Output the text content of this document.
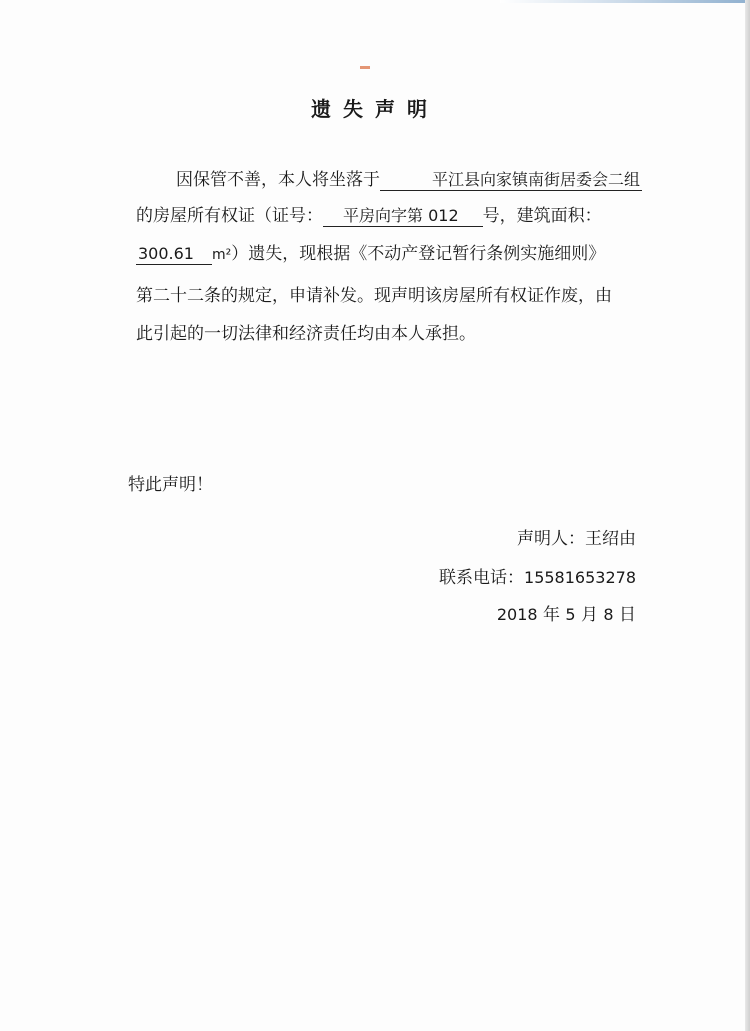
遗失声明
因保管不善，本人将坐落于	平江县向家镇南街居委会二组
的房屋所有权证（证号： 平房向字第 012 号，建筑面积：
300.61 m²）遗失，现根据《不动产登记暂行条例实施细则》
第二十二条的规定，申请补发。现声明该房屋所有权证作废，由
此引起的一切法律和经济责任均由本人承担。
特此声明！
声明人：王绍由
联系电话：15581653278
2018 年 5 月 8 日
